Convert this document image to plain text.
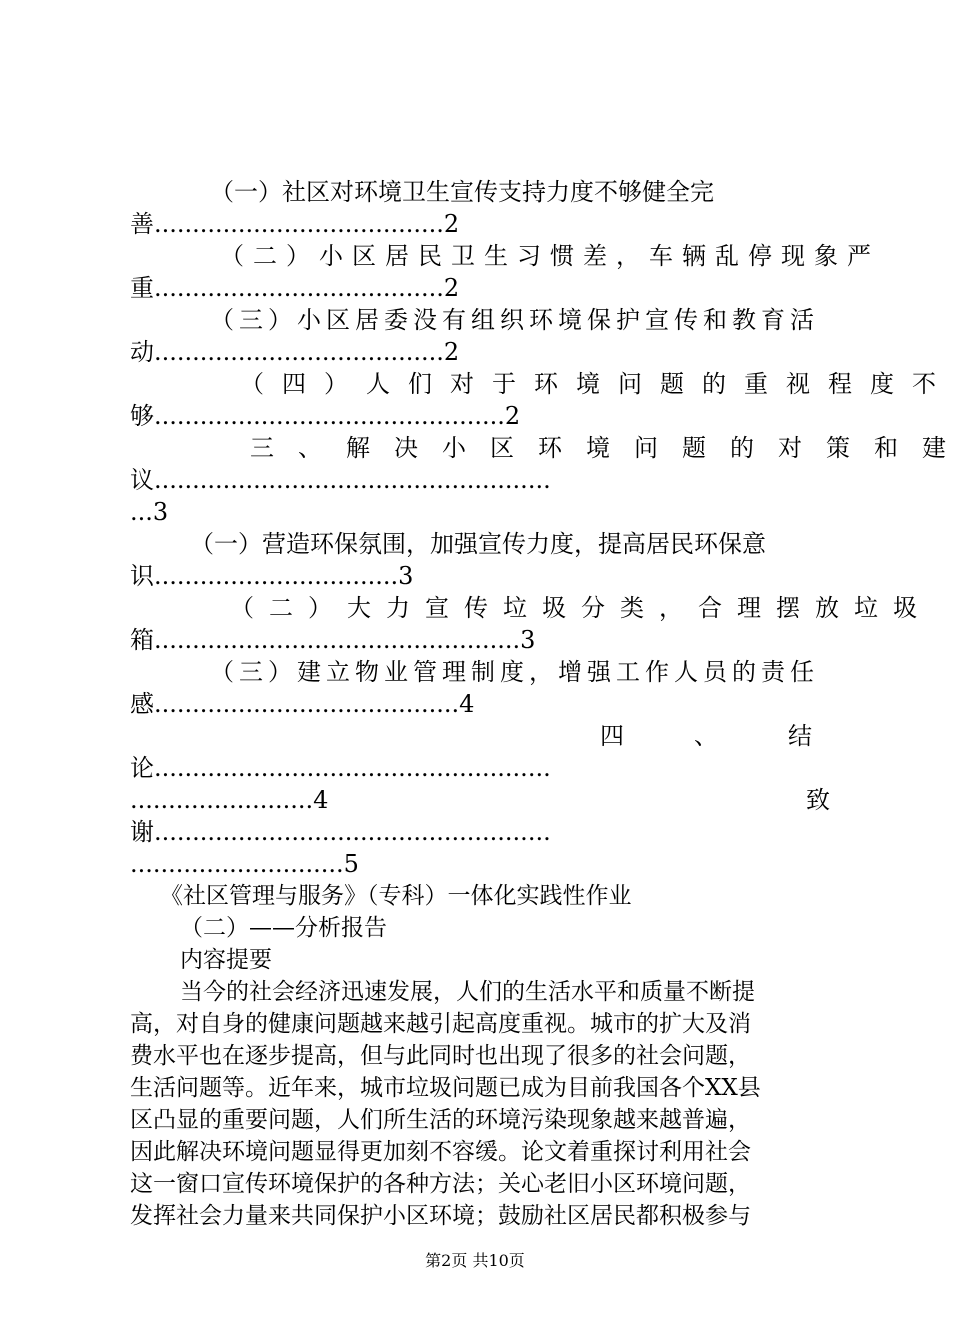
（一）社区对环境卫生宣传支持力度不够健全完
善......................................2
（二）小区居民卫生习惯差，车辆乱停现象严
重......................................2
（三）小区居委没有组织环境保护宣传和教育活
动......................................2
（四）人们对于环境问题的重视程度不
够..............................................2
三、解决小区环境问题的对策和建
议....................................................
...3
（一）营造环保氛围，加强宣传力度，提高居民环保意
识................................3
（二）大力宣传垃圾分类，合理摆放垃圾
箱................................................3
（三）建立物业管理制度，增强工作人员的责任
感........................................4
四、结
论....................................................
........................4	致
谢....................................................
............................5
《社区管理与服务》（专科）一体化实践性作业
（二）——分析报告
内容提要
当今的社会经济迅速发展，人们的生活水平和质量不断提
高，对自身的健康问题越来越引起高度重视。城市的扩大及消
费水平也在逐步提高，但与此同时也出现了很多的社会问题，
生活问题等。近年来，城市垃圾问题已成为目前我国各个XX县
区凸显的重要问题，人们所生活的环境污染现象越来越普遍，
因此解决环境问题显得更加刻不容缓。论文着重探讨利用社会
这一窗口宣传环境保护的各种方法；关心老旧小区环境问题，
发挥社会力量来共同保护小区环境；鼓励社区居民都积极参与
第2页 共10页
